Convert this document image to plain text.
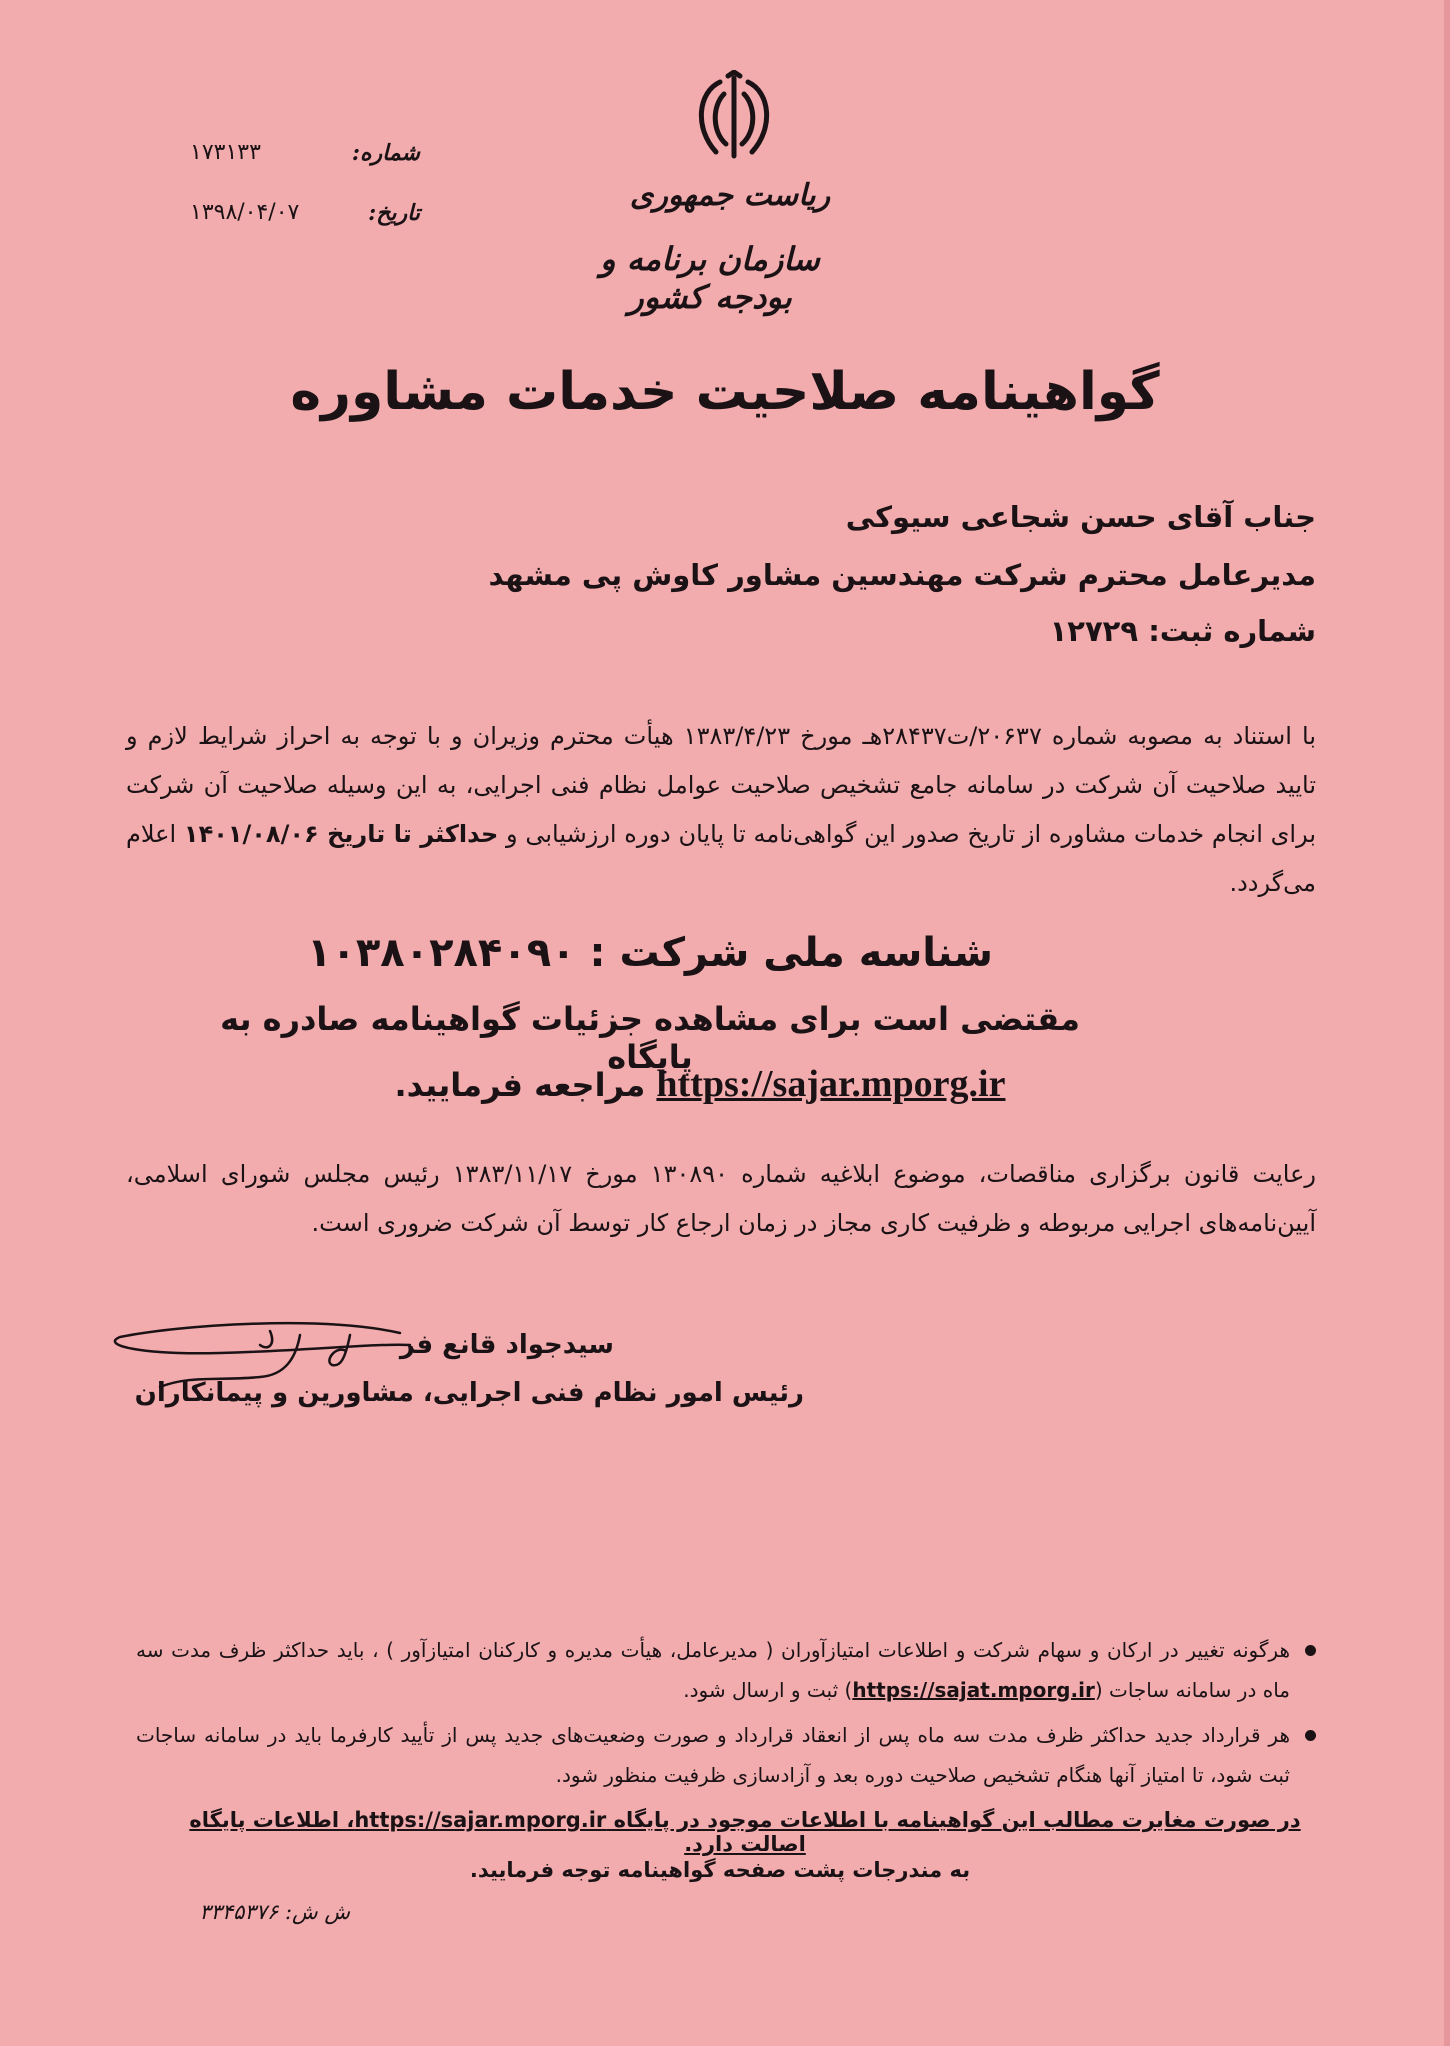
ریاست جمهوری
سازمان برنامه و بودجه کشور
شماره:
۱۷۳۱۳۳
تاریخ:
۱۳۹۸/۰۴/۰۷
گواهینامه صلاحیت خدمات مشاوره
جناب آقای حسن شجاعی سیوکی
مدیرعامل محترم شرکت مهندسین مشاور کاوش پی مشهد
شماره ثبت: ۱۲۷۲۹
با استناد به مصوبه شماره ۲۰۶۳۷/ت۲۸۴۳۷هـ مورخ ۱۳۸۳/۴/۲۳ هیأت محترم وزیران و با توجه به احراز شرایط لازم و تایید صلاحیت آن شرکت در سامانه جامع تشخیص صلاحیت عوامل نظام فنی اجرایی، به این وسیله صلاحیت آن شرکت برای انجام خدمات مشاوره از تاریخ صدور این گواهی‌نامه تا پایان دوره ارزشیابی و حداکثر تا تاریخ ۱۴۰۱/۰۸/۰۶ اعلام می‌گردد.
شناسه ملی شرکت : ۱۰۳۸۰۲۸۴۰۹۰
مقتضی است برای مشاهده جزئیات گواهینامه صادره به پایگاه
https://sajar.mporg.ir مراجعه فرمایید.
رعایت قانون برگزاری مناقصات، موضوع ابلاغیه شماره ۱۳۰۸۹۰ مورخ ۱۳۸۳/۱۱/۱۷ رئیس مجلس شورای اسلامی، آیین‌نامه‌های اجرایی مربوطه و ظرفیت کاری مجاز در زمان ارجاع کار توسط آن شرکت ضروری است.
سیدجواد قانع فر
رئیس امور نظام فنی اجرایی، مشاورین و پیمانکاران
هرگونه تغییر در ارکان و سهام شرکت و اطلاعات امتیازآوران ( مدیرعامل، هیأت مدیره و کارکنان امتیازآور ) ، باید حداکثر ظرف مدت سه ماه در سامانه ساجات (https://sajat.mporg.ir) ثبت و ارسال شود.
هر قرارداد جدید حداکثر ظرف مدت سه ماه پس از انعقاد قرارداد و صورت وضعیت‌های جدید پس از تأیید کارفرما باید در سامانه ساجات ثبت شود، تا امتیاز آنها هنگام تشخیص صلاحیت دوره بعد و آزادسازی ظرفیت منظور شود.
در صورت مغایرت مطالب این گواهینامه با اطلاعات موجود در پایگاه https://sajar.mporg.ir، اطلاعات پایگاه اصالت دارد.
به مندرجات پشت صفحه گواهینامه توجه فرمایید.
ش ش: ۳۳۴۵۳۷۶
